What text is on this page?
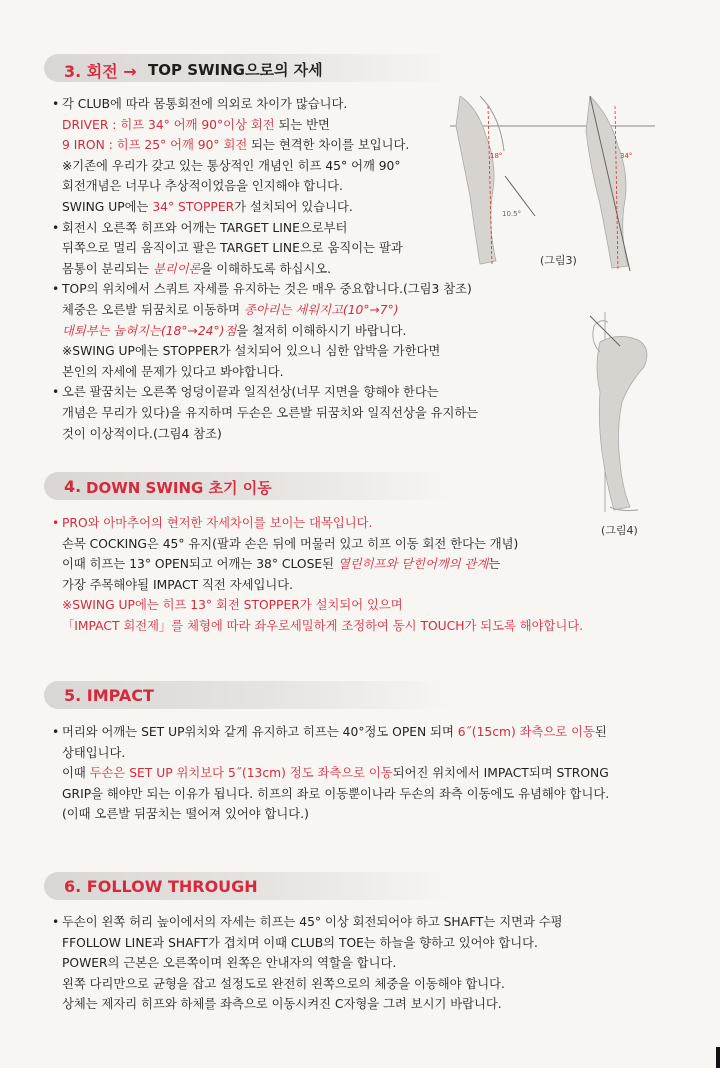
3. 회전 → TOP SWING으로의 자세
• 각 CLUB에 따라 몸통회전에 의외로 차이가 많습니다.
DRIVER : 히프 34° 어깨 90°이상 회전 되는 반면
9 IRON : 히프 25° 어깨 90° 회전 되는 현격한 차이를 보입니다.
※기존에 우리가 갖고 있는 통상적인 개념인 히프 45° 어깨 90°
회전개념은 너무나 추상적이었음을 인지해야 합니다.
SWING UP에는 34° STOPPER가 설치되어 있습니다.
• 회전시 오른쪽 히프와 어깨는 TARGET LINE으로부터
뒤쪽으로 멀리 움직이고 팔은 TARGET LINE으로 움직이는 팔과
몸통이 분리되는 분리이론을 이해하도록 하십시오.
• TOP의 위치에서 스쿼트 자세를 유지하는 것은 매우 중요합니다.(그림3 참조)
체중은 오른발 뒤꿈치로 이동하며 종아리는 세워지고(10°→7°)
대퇴부는 눕혀지는(18°→24°)점을 철저히 이해하시기 바랍니다.
※SWING UP에는 STOPPER가 설치되어 있으니 심한 압박을 가한다면
본인의 자세에 문제가 있다고 봐야합니다.
• 오른 팔꿈치는 오른쪽 엉덩이끝과 일직선상(너무 지면을 향해야 한다는
개념은 무리가 있다)을 유지하며 두손은 오른발 뒤꿈치와 일직선상을 유지하는
것이 이상적이다.(그림4 참조)
4. DOWN SWING 초기 이동
• PRO와 아마추어의 현저한 자세차이를 보이는 대목입니다.
손목 COCKING은 45° 유지(팔과 손은 뒤에 머물러 있고 히프 이동 회전 한다는 개념)
이때 히프는 13° OPEN되고 어깨는 38° CLOSE된 열린히프와 닫힌어깨의 관계는
가장 주목해야될 IMPACT 직전 자세입니다.
※SWING UP에는 히프 13° 회전 STOPPER가 설치되어 있으며
「IMPACT 회전제」를 체형에 따라 좌우로세밀하게 조정하여 동시 TOUCH가 되도록 해야합니다.
5. IMPACT
• 머리와 어깨는 SET UP위치와 같게 유지하고 히프는 40°정도 OPEN 되며 6˝(15cm) 좌측으로 이동된
상태입니다.
이때 두손은 SET UP 위치보다 5˝(13cm) 정도 좌측으로 이동되어진 위치에서 IMPACT되며 STRONG
GRIP을 해야만 되는 이유가 됩니다. 히프의 좌로 이동뿐이나라 두손의 좌측 이동에도 유념해야 합니다.
(이때 오른발 뒤꿈치는 떨어져 있어야 합니다.)
6. FOLLOW THROUGH
• 두손이 왼쪽 허리 높이에서의 자세는 히프는 45° 이상 회전되어야 하고 SHAFT는 지면과 수평
FFOLLOW LINE과 SHAFT가 겹치며 이때 CLUB의 TOE는 하늘을 향하고 있어야 합니다.
POWER의 근본은 오른쪽이며 왼쪽은 안내자의 역할을 합니다.
왼쪽 다리만으로 균형을 잡고 설정도로 완전히 왼쪽으로의 체중을 이동해야 합니다.
상체는 제자리 히프와 하체를 좌측으로 이동시켜진 C자형을 그려 보시기 바랍니다.
18°
10.5°
34°
(그림3)
(그림4)
